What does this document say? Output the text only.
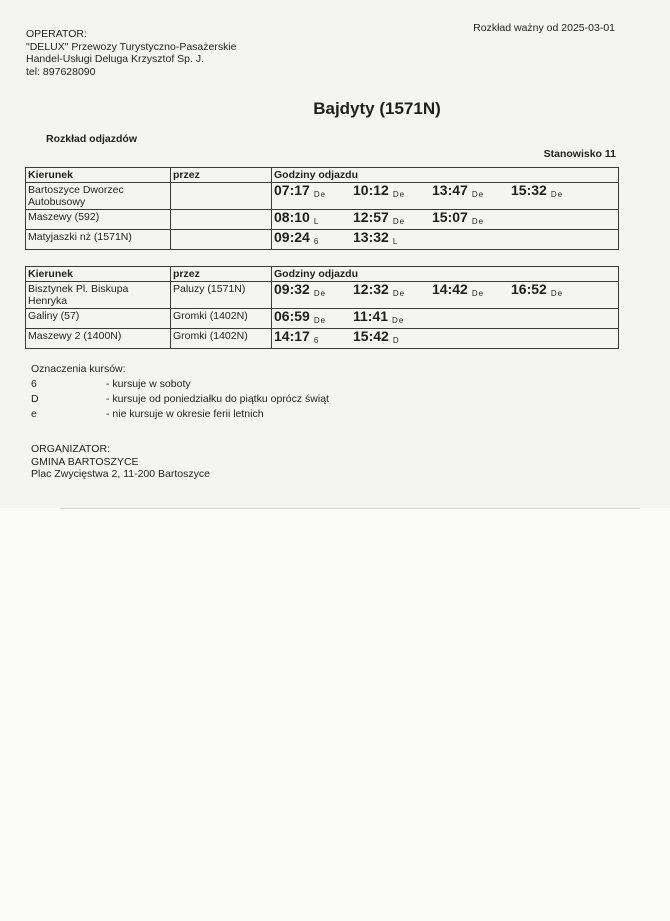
OPERATOR:
"DELUX" Przewozy Turystyczno-Pasażerskie
Handel-Usługi Deluga Krzysztof Sp. J.
tel: 897628090
Rozkład ważny od 2025-03-01
Bajdyty (1571N)
Rozkład odjazdów
Stanowisko 11
Kierunek	przez	Godziny odjazdu
Bartoszyce Dworzec Autobusowy		07:17 De 10:12 De 13:47 De 15:32 De
Maszewy (592)		08:10 L 12:57 De 15:07 De
Matyjaszki nż (1571N)		09:24 6 13:32 L
Kierunek	przez	Godziny odjazdu
Bisztynek Pl. Biskupa Henryka	Paluzy (1571N)	09:32 De 12:32 De 14:42 De 16:52 De
Galiny (57)	Gromki (1402N)	06:59 De 11:41 De
Maszewy 2 (1400N)	Gromki (1402N)	14:17 6 15:42 D
Oznaczenia kursów:
6	- kursuje w soboty
D	- kursuje od poniedziałku do piątku oprócz świąt
e	- nie kursuje w okresie ferii letnich
ORGANIZATOR:
GMINA BARTOSZYCE
Plac Zwycięstwa 2, 11-200 Bartoszyce
